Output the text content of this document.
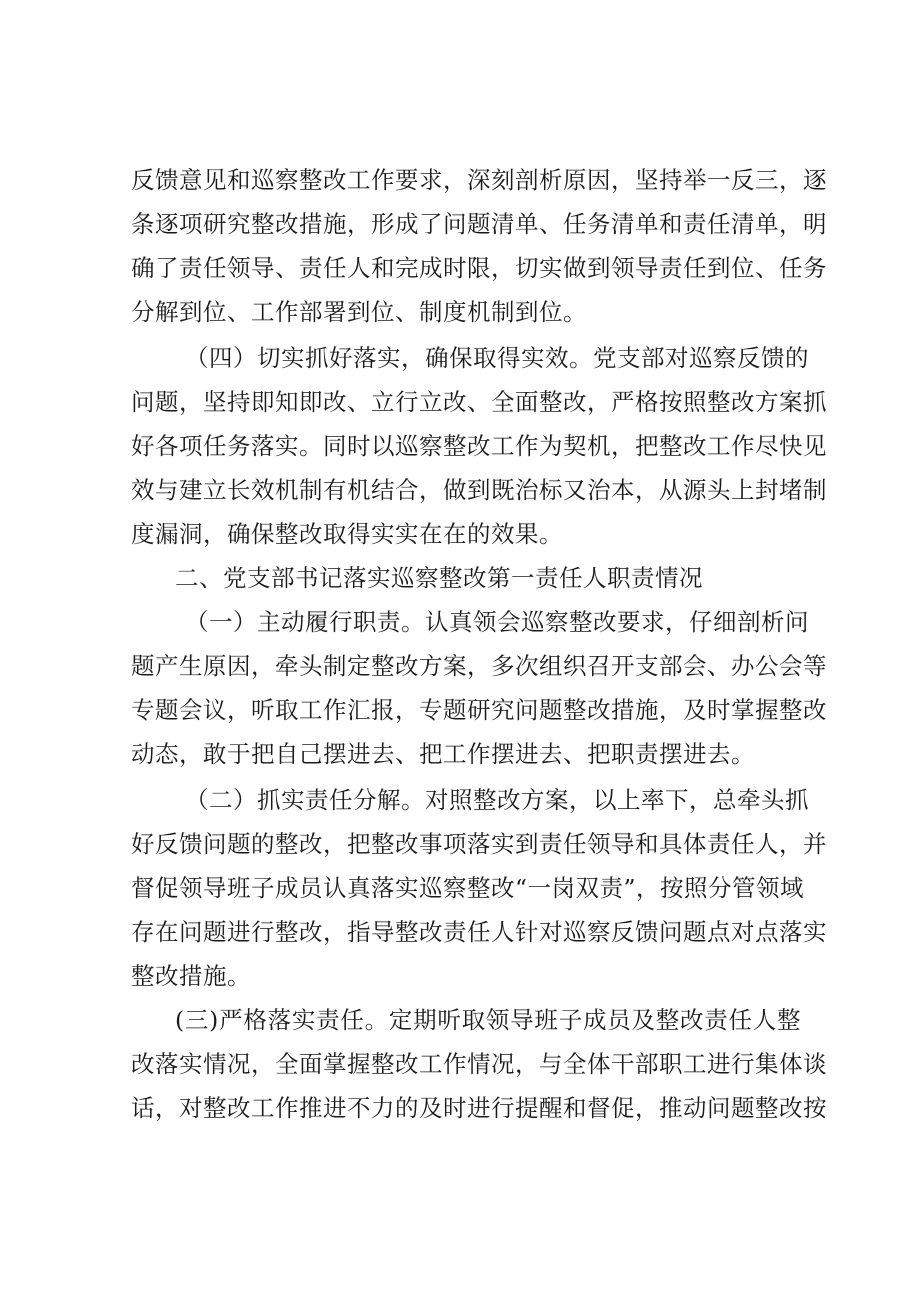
反馈意见和巡察整改工作要求，深刻剖析原因，坚持举一反三，逐
条逐项研究整改措施，形成了问题清单、任务清单和责任清单，明
确了责任领导、责任人和完成时限，切实做到领导责任到位、任务
分解到位、工作部署到位、制度机制到位。
（四）切实抓好落实，确保取得实效。党支部对巡察反馈的
问题，坚持即知即改、立行立改、全面整改，严格按照整改方案抓
好各项任务落实。同时以巡察整改工作为契机，把整改工作尽快见
效与建立长效机制有机结合，做到既治标又治本，从源头上封堵制
度漏洞，确保整改取得实实在在的效果。
二、党支部书记落实巡察整改第一责任人职责情况
（一）主动履行职责。认真领会巡察整改要求，仔细剖析问
题产生原因，牵头制定整改方案，多次组织召开支部会、办公会等
专题会议，听取工作汇报，专题研究问题整改措施，及时掌握整改
动态，敢于把自己摆进去、把工作摆进去、把职责摆进去。
（二）抓实责任分解。对照整改方案，以上率下，总牵头抓
好反馈问题的整改，把整改事项落实到责任领导和具体责任人，并
督促领导班子成员认真落实巡察整改“一岗双责”，按照分管领域
存在问题进行整改，指导整改责任人针对巡察反馈问题点对点落实
整改措施。
(三)严格落实责任。定期听取领导班子成员及整改责任人整
改落实情况，全面掌握整改工作情况，与全体干部职工进行集体谈
话，对整改工作推进不力的及时进行提醒和督促，推动问题整改按
